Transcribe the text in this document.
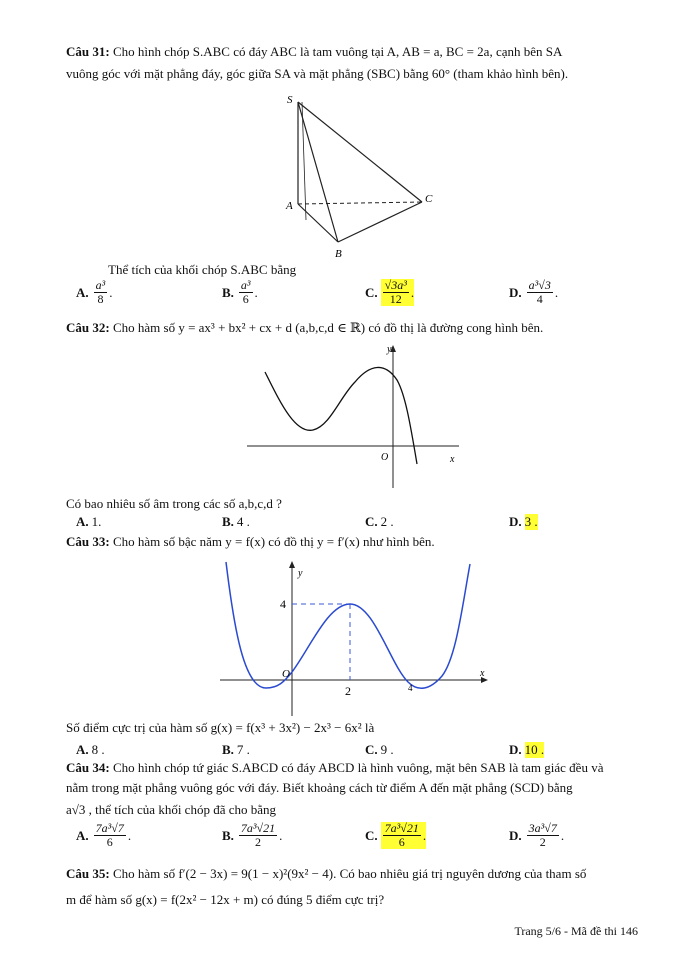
Câu 31: Cho hình chóp S.ABC có đáy ABC là tam vuông tại A, AB = a, BC = 2a, cạnh bên SA
vuông góc với mặt phẳng đáy, góc giữa SA và mặt phẳng (SBC) bằng 60° (tham khảo hình bên).
S
A
B
C
Thể tích của khối chóp S.ABC bằng
A. $\frac{\text{a³}}{8}$ .	B. $\frac{\text{a³}}{6}$ .	C. $\frac{\text{√3a³}}{12}$ .	D. $\frac{\text{a³√3}}{4}$ .
Câu 32: Cho hàm số y = ax³ + bx² + cx + d (a,b,c,d ∈ ℝ) có đồ thị là đường cong hình bên.
y
x
O
Có bao nhiêu số âm trong các số a,b,c,d ?
A. 1.	B. 4 .	C. 2 .	D. 3 .
Câu 33: Cho hàm số bậc năm y = f(x) có đồ thị y = f′(x) như hình bên.
y
x
O
4
2	4
Số điểm cực trị của hàm số g(x) = f(x³ + 3x²) − 2x³ − 6x² là
A. 8 .	B. 7 .	C. 9 .	D. 10 .
Câu 34: Cho hình chóp tứ giác S.ABCD có đáy ABCD là hình vuông, mặt bên SAB là tam giác đều và
nằm trong mặt phẳng vuông góc với đáy. Biết khoảng cách từ điểm A đến mặt phẳng (SCD) bằng
a√3 , thể tích của khối chóp đã cho bằng
A. $\frac{\text{7a³√7}}{6}$ .	B. $\frac{\text{7a³√21}}{2}$ .	C. $\frac{\text{7a³√21}}{6}$ .	D. $\frac{\text{3a³√7}}{2}$ .
Câu 35: Cho hàm số f′(2 − 3x) = 9(1 − x)²(9x² − 4). Có bao nhiêu giá trị nguyên dương của tham số
m để hàm số g(x) = f(2x² − 12x + m) có đúng 5 điểm cực trị?
Trang 5/6 - Mã đề thi 146
